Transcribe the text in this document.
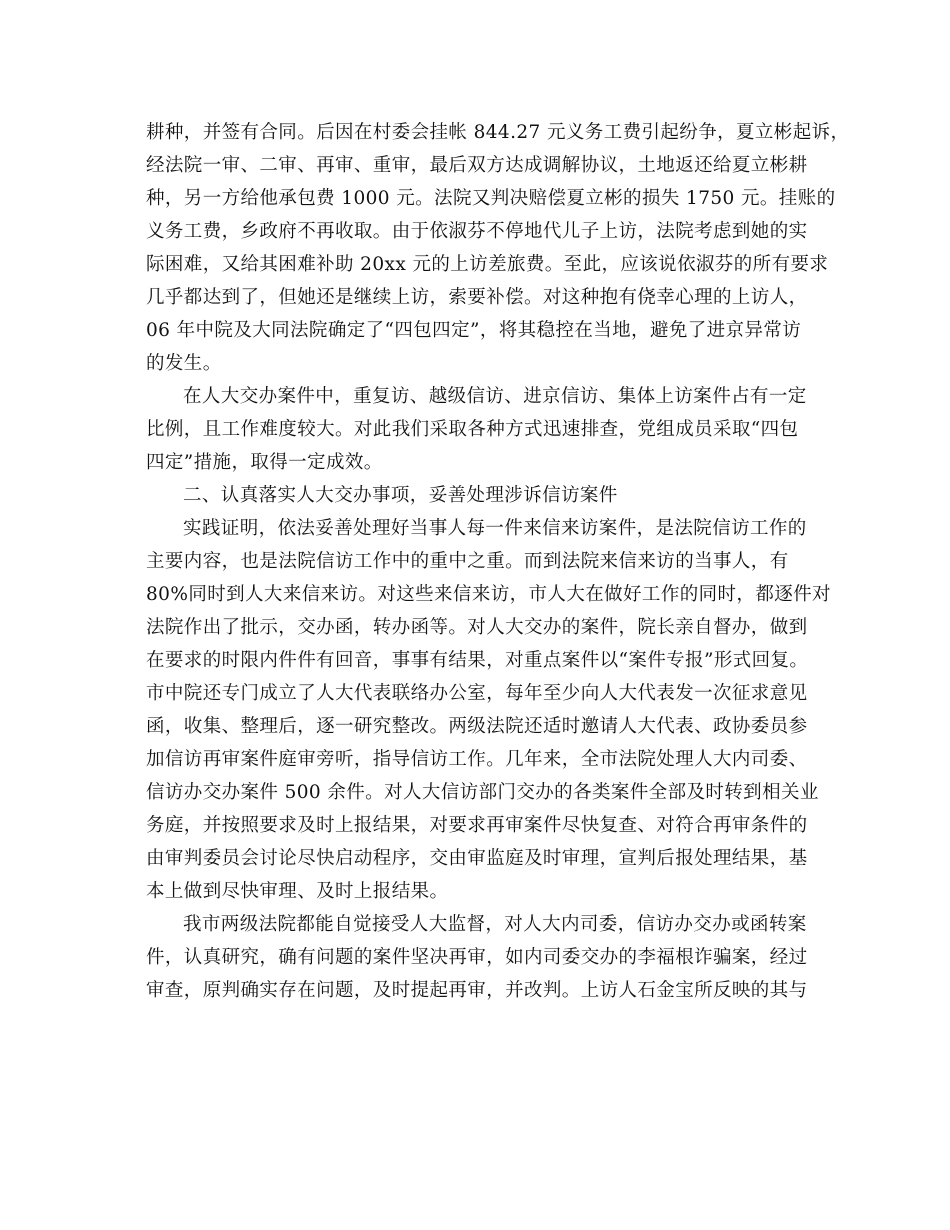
耕种，并签有合同。后因在村委会挂帐 844.27 元义务工费引起纷争，夏立彬起诉，
经法院一审、二审、再审、重审，最后双方达成调解协议，土地返还给夏立彬耕
种，另一方给他承包费 1000 元。法院又判决赔偿夏立彬的损失 1750 元。挂账的
义务工费，乡政府不再收取。由于依淑芬不停地代儿子上访，法院考虑到她的实
际困难，又给其困难补助 20xx 元的上访差旅费。至此，应该说依淑芬的所有要求
几乎都达到了，但她还是继续上访，索要补偿。对这种抱有侥幸心理的上访人，
06 年中院及大同法院确定了“四包四定”，将其稳控在当地，避免了进京异常访
的发生。
在人大交办案件中，重复访、越级信访、进京信访、集体上访案件占有一定
比例，且工作难度较大。对此我们采取各种方式迅速排查，党组成员采取“四包
四定”措施，取得一定成效。
二、认真落实人大交办事项，妥善处理涉诉信访案件
实践证明，依法妥善处理好当事人每一件来信来访案件，是法院信访工作的
主要内容，也是法院信访工作中的重中之重。而到法院来信来访的当事人，有
80%同时到人大来信来访。对这些来信来访，市人大在做好工作的同时，都逐件对
法院作出了批示，交办函，转办函等。对人大交办的案件，院长亲自督办，做到
在要求的时限内件件有回音，事事有结果，对重点案件以“案件专报”形式回复。
市中院还专门成立了人大代表联络办公室，每年至少向人大代表发一次征求意见
函，收集、整理后，逐一研究整改。两级法院还适时邀请人大代表、政协委员参
加信访再审案件庭审旁听，指导信访工作。几年来，全市法院处理人大内司委、
信访办交办案件 500 余件。对人大信访部门交办的各类案件全部及时转到相关业
务庭，并按照要求及时上报结果，对要求再审案件尽快复查、对符合再审条件的
由审判委员会讨论尽快启动程序，交由审监庭及时审理，宣判后报处理结果，基
本上做到尽快审理、及时上报结果。
我市两级法院都能自觉接受人大监督，对人大内司委，信访办交办或函转案
件，认真研究，确有问题的案件坚决再审，如内司委交办的李福根诈骗案，经过
审查，原判确实存在问题，及时提起再审，并改判。上访人石金宝所反映的其与
